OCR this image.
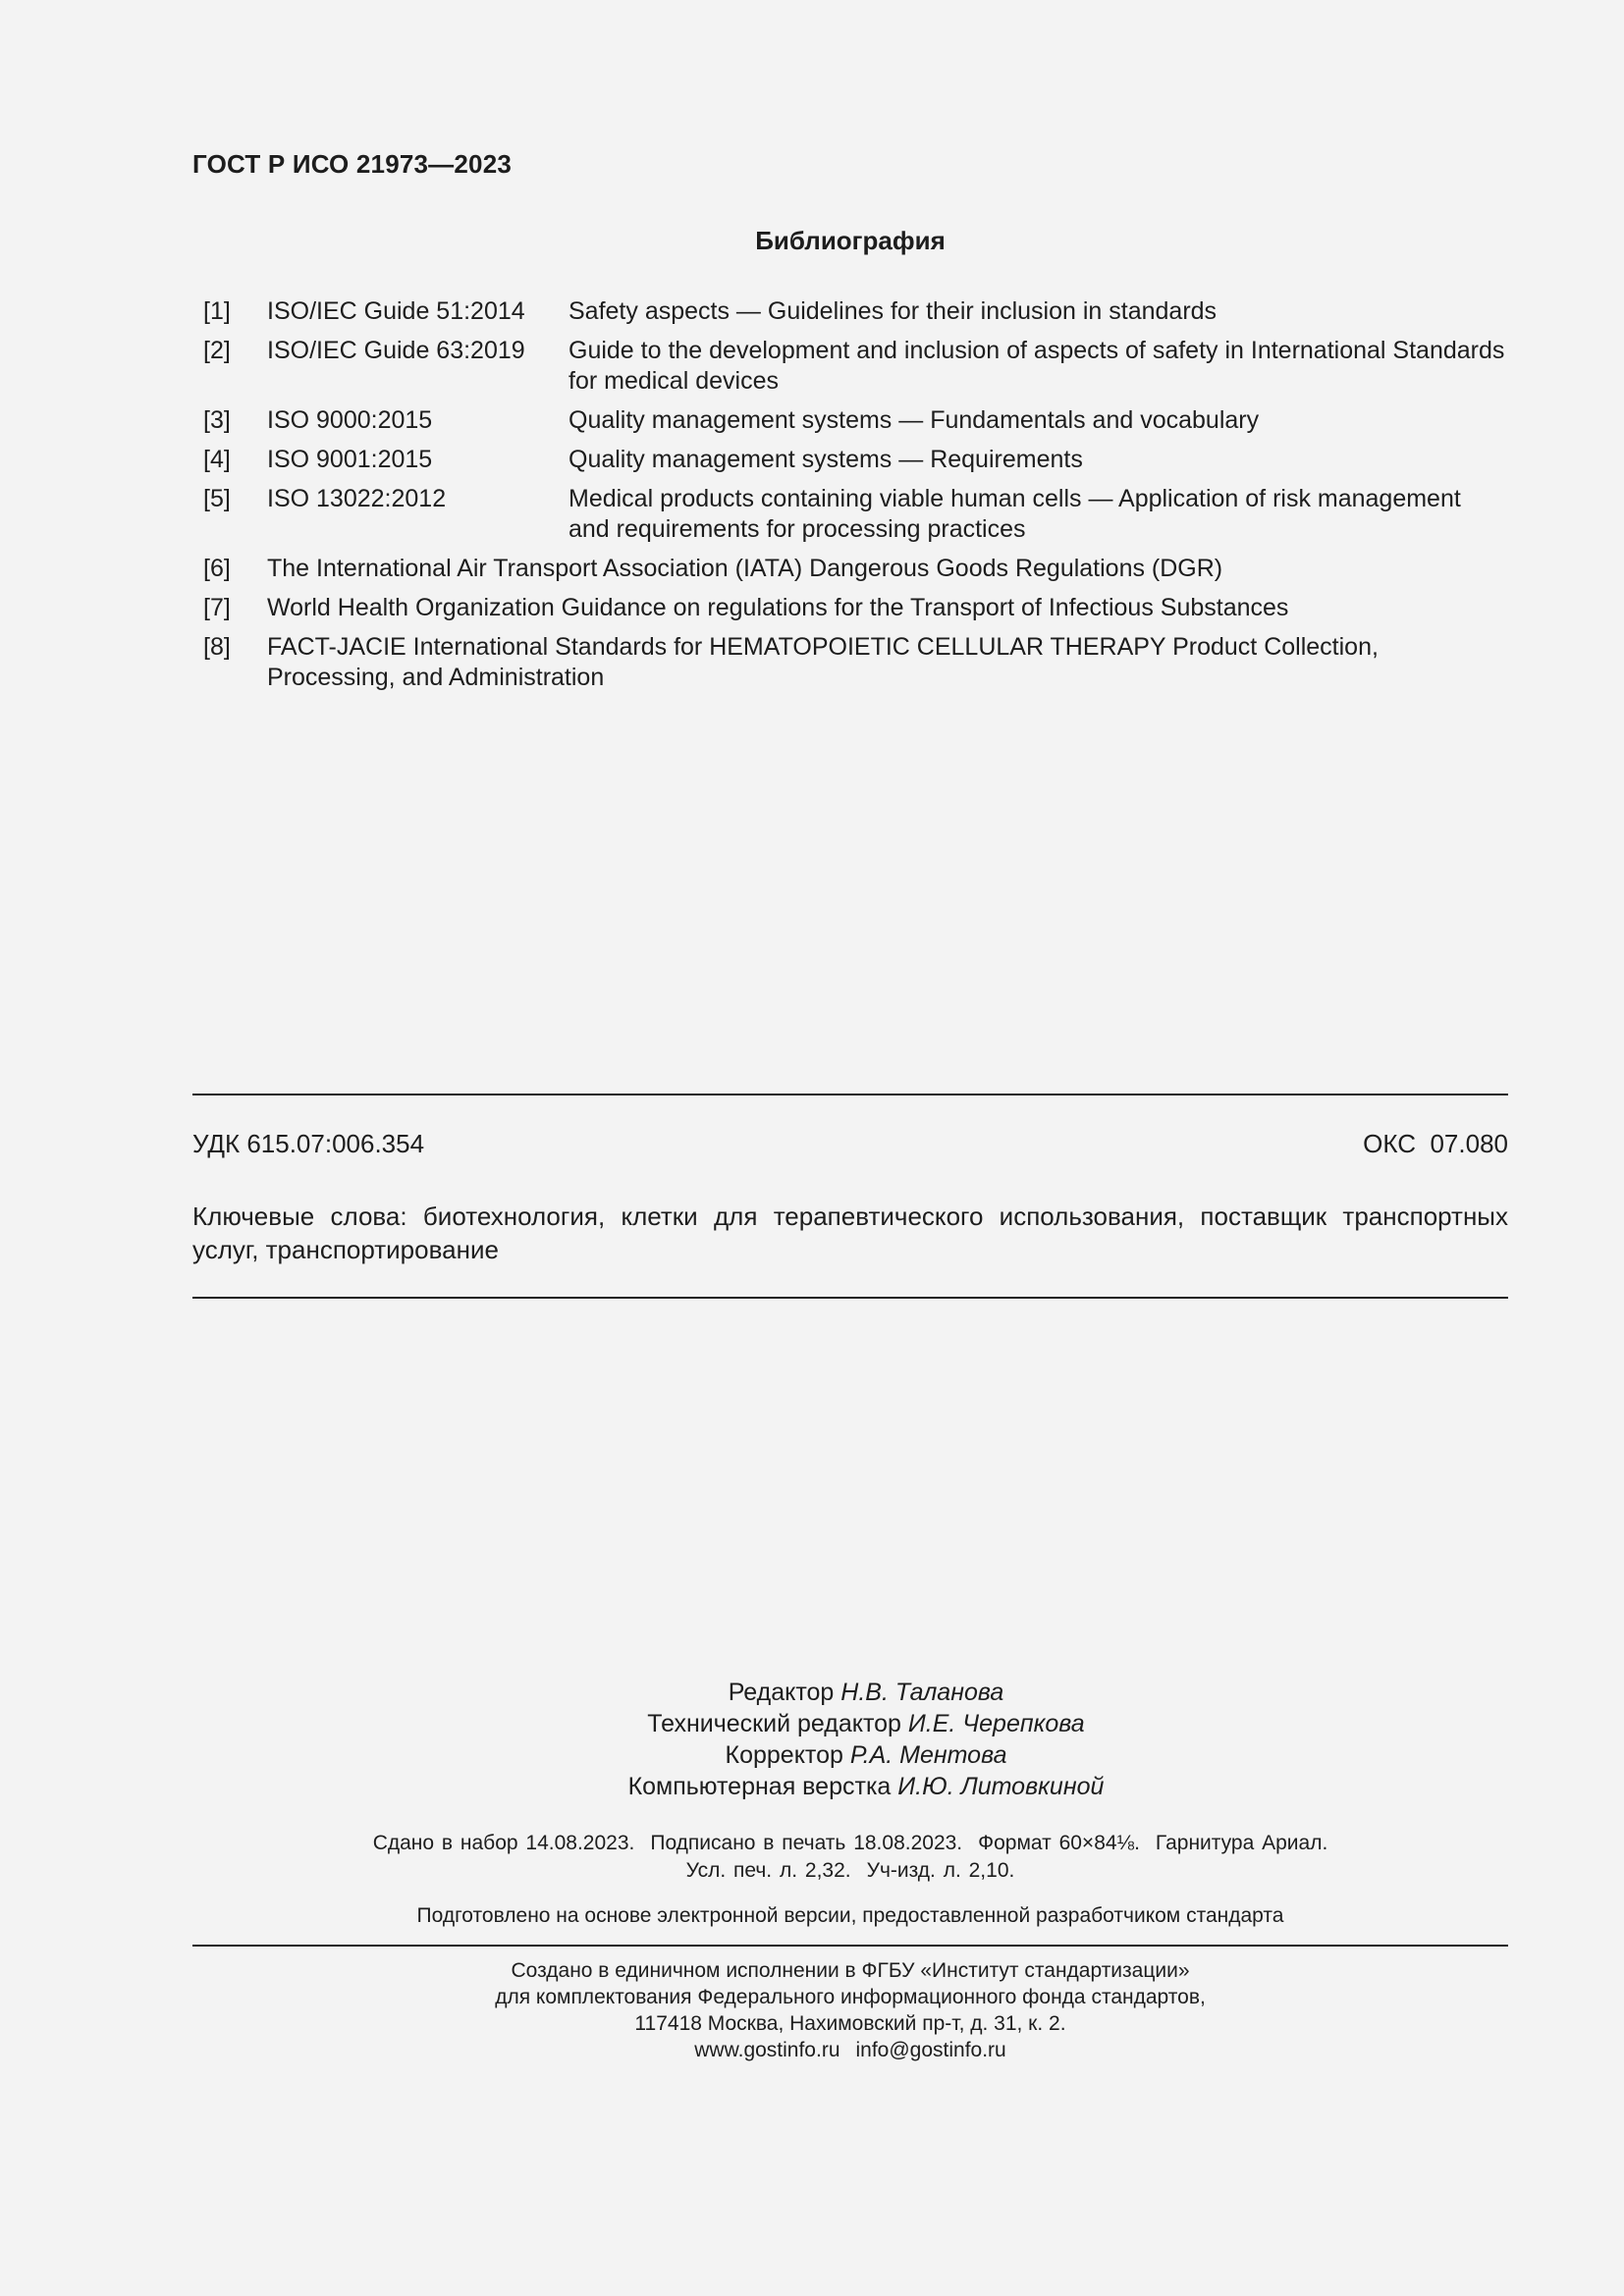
ГОСТ Р ИСО 21973—2023
Библиография
[1]	ISO/IEC Guide 51:2014	Safety aspects — Guidelines for their inclusion in standards
[2]	ISO/IEC Guide 63:2019	Guide to the development and inclusion of aspects of safety in International Standards for medical devices
[3]	ISO 9000:2015	Quality management systems — Fundamentals and vocabulary
[4]	ISO 9001:2015	Quality management systems — Requirements
[5]	ISO 13022:2012	Medical products containing viable human cells — Application of risk management and requirements for processing practices
[6]	The International Air Transport Association (IATA) Dangerous Goods Regulations (DGR)
[7]	World Health Organization Guidance on regulations for the Transport of Infectious Substances
[8]	FACT-JACIE International Standards for HEMATOPOIETIC CELLULAR THERAPY Product Collection, Processing, and Administration
УДК 615.07:006.354	ОКС  07.080
Ключевые слова: биотехнология, клетки для терапевтического использования, поставщик транспортных услуг, транспортирование
Редактор Н.В. Таланова
Технический редактор И.Е. Черепкова
Корректор Р.А. Ментова
Компьютерная верстка И.Ю. Литовкиной
Сдано в набор 14.08.2023. Подписано в печать 18.08.2023. Формат 60×84⅛. Гарнитура Ариал.
Усл. печ. л. 2,32. Уч-изд. л. 2,10.
Подготовлено на основе электронной версии, предоставленной разработчиком стандарта
Создано в единичном исполнении в ФГБУ «Институт стандартизации»
для комплектования Федерального информационного фонда стандартов,
117418 Москва, Нахимовский пр-т, д. 31, к. 2.
www.gostinfo.ru info@gostinfo.ru
